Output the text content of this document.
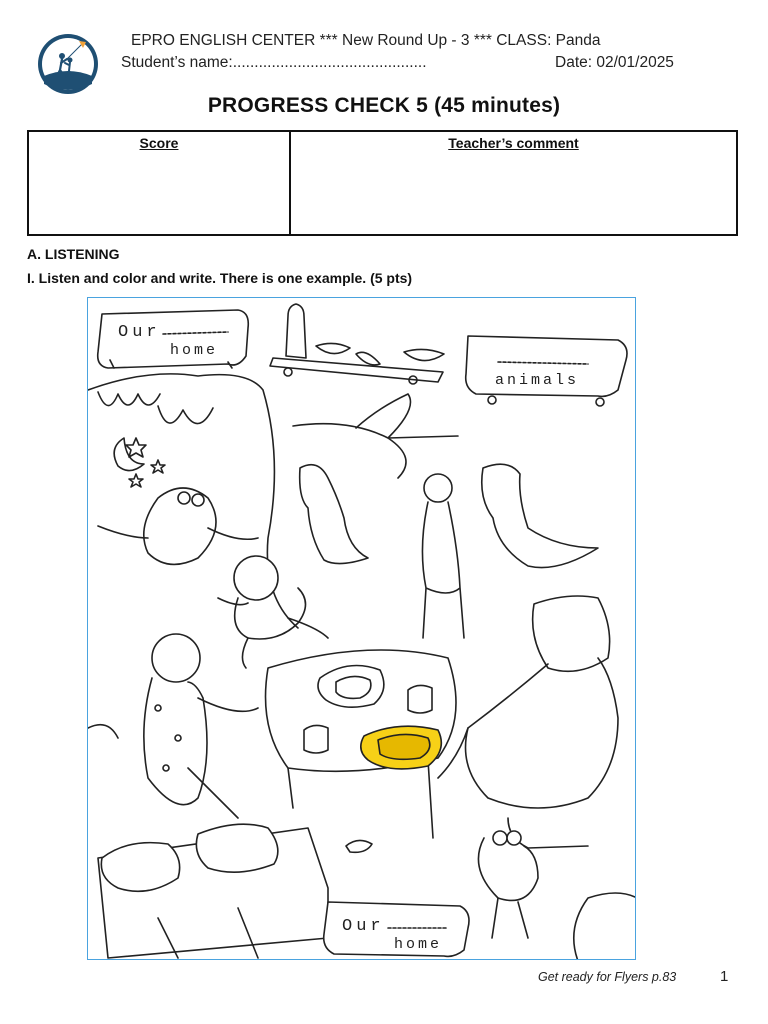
EPRO ENGLISH CENTER *** New Round Up - 3 *** CLASS: Panda
Student’s name:.............................................	Date: 02/01/2025
PROGRESS CHECK 5 (45 minutes)
Score	Teacher’s comment
A. LISTENING
I. Listen and color and write. There is one example. (5 pts)
Our
home
animals
Our
home
Get ready for Flyers p.83	1
